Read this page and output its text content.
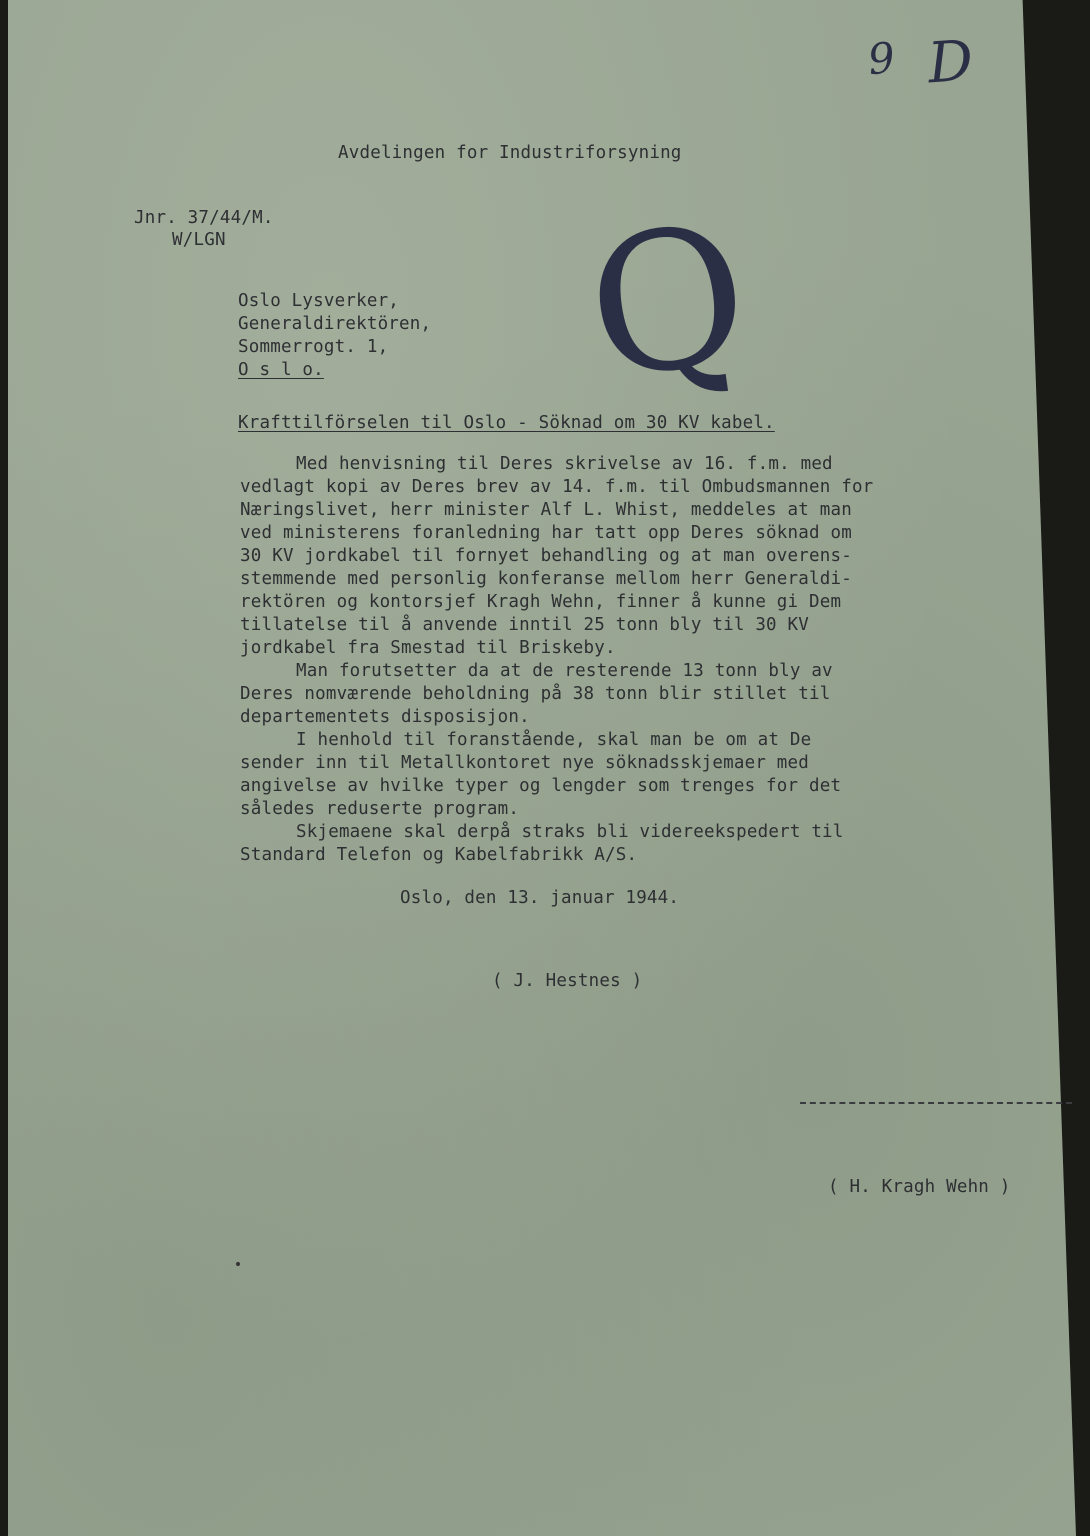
9 D
Avdelingen for Industriforsyning
Jnr. 37/44/M.
W/LGN
Oslo Lysverker,
Generaldirektören,
Sommerrogt. 1,
O s l o. Q
Krafttilförselen til Oslo - Söknad om 30 KV kabel.
Med henvisning til Deres skrivelse av 16. f.m. med
vedlagt kopi av Deres brev av 14. f.m. til Ombudsmannen for
Næringslivet, herr minister Alf L. Whist, meddeles at man
ved ministerens foranledning har tatt opp Deres söknad om
30 KV jordkabel til fornyet behandling og at man overens-
stemmende med personlig konferanse mellom herr Generaldi-
rektören og kontorsjef Kragh Wehn, finner å kunne gi Dem
tillatelse til å anvende inntil 25 tonn bly til 30 KV
jordkabel fra Smestad til Briskeby.
Man forutsetter da at de resterende 13 tonn bly av
Deres nomværende beholdning på 38 tonn blir stillet til
departementets disposisjon.
I henhold til foranstående, skal man be om at De
sender inn til Metallkontoret nye söknadsskjemaer med
angivelse av hvilke typer og lengder som trenges for det
således reduserte program.
Skjemaene skal derpå straks bli videreekspedert til
Standard Telefon og Kabelfabrikk A/S.
Oslo, den 13. januar 1944.
( J. Hestnes )
( H. Kragh Wehn )
